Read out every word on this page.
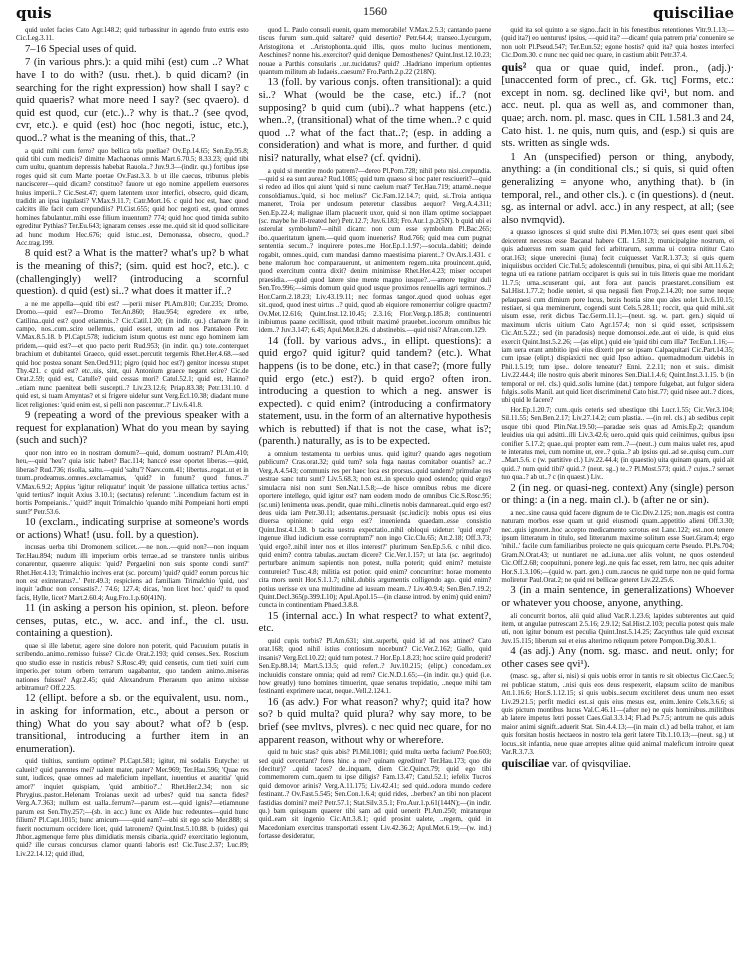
quis	1560	quisciliae

quid uolet facies Cato Agr.148.2; quid turbassitur in agendo fruto extris esto Cic.Leg.3.11.

7–16 Special uses of quid.

7 (in various phrs.): a quid mihi (est) cum ..? What have I to do with? (usu. rhet.). b quid dicam? (in searching for the right expression) how shall I say? c quid quaeris? what more need I say? (sec qvaero). d quid est quod, cur (etc.)..? why is that..? (see qvod, cvr, etc.). e quid (est) hoc (hoc negoti, istuc, etc.), quod..? what is the meaning of this, that..?

a quid mihi cum ferro? quo bellica tela puellae? Ov.Ep.14.65; Sen.Ep.95.8; quid tibi cum medicis? dimitte Machaonas omnis Mart.6.70.5; 8.33.23; quid tibi cum uultu, quantum depressis habebat Rauola..? Juv.9.3—(indir. qu.) fortibus ipse roges quid sit cum Marte poetae Ov.Fast.3.3. b ut ille caecus, tribunus plebis nauciscerer—quid dicam? constituo? fauore ut ego nomine appellem euersores huius imperii..? Cic.Sest.47; quem latentem uxor interfici, obsecro, quid dicam, tradidit an ipsa iugulasti? V.Max.9.11.7; Catr.Mort.16. c quid hoc est, haec quod calcitrs ille facit cum crepundiis? Pl.Cist.655; quid hoc negoti est, quod omnes homines fabulantur..mihi esse filium inuentum? 774; quid hoc quod timida subito egreditur Pythias? Ter.Eu.643; ignaram censes .esse me..quid sit id quod sollicitare ad hunc modum Hec.676; quid istuc..est, Demonassa, obsecro, quod..? Acc.trag.199.

8 quid est? a What is the matter? what's up? b what is the meaning of this?; (sim. quid est hoc?, etc.). c (challengingly) well? (introducing a scornful question). d quid (est) si..? what does it matter if..?

a ne me appella—quid tibi est? —perii miser Pl.Am.810; Cur.235; Dromo. Dromo.—quid est?—Dromo Ter.An.860; Hau.954; egredere ex urbe, Catilina..quid est? quod etiamnis..? Cic.Catil.1.20; (in indir. qu.) clamare fit in campo, nos..cum..scire uellemus, quid esset, unum ad nos Pantaleon Petr. V.Max.8.5.18. b Pl.Capt.578; iudicium istum quotus est nunc ego hominem iam pridem,—quid est?—et quo pacto perit Rud.953; (in indir. qu.) tote..conterquet brachium et dubitantei Graeco, quid esset..percutit tergemis Rhet.Her.4.68.—sed quid hoc postea sonant Sen.Oed.911; pigro (quid hoc est?) genitor incessu stupet Thy.421. c quid est? etc..uis, sint, qui Antonium graece negant scire? Cic.de Orat.2.59; quid est, Catulle? quid cessas mori? Catul.52.1; quid est, Hanno? ..etiam nunc paeniteat belli suscepti..? Liv.23.12.6; Priap.83.38; Petr.131.10. d quid est, si tuam Amyntas? et si frigere uidelur sunt Verg.Ecl.10.38; diadant mune licet religiones: 'quid enim est, si pelli non pascentur..?' Liv.6.41.8.

9 (repeating a word of the previous speaker with a request for explanation) What do you mean by saying (such and such)?

quor non intro eo in nostram domum?—quid, domum uostram? Pl.Am.410; heu,—quid 'heu'? quia istic habet? Bac.114; hanccé esse oportet liberas.—quid, liberas? Rud.736; risolla, saltu.—quid 'saltu'? Naev.com.41; libertus..rogat..ut et in tuum..prodeamus..omnes..exclamamus, 'quid? in funum? quod funus..?' V.Max.6.9.2; Appius 'igitur reliquatur' inquit 'de passione uillatica tertius actus.' 'quid tertius?' inquit Axius 3.10.1; (sectatus) referunt: '..incendium factum est in hortis Pompeianis..' 'quid?' inquit Trimalchio 'quando mihi Pompeiani horti empti sunt?' Petr.53.6.

10 (exclam., indicating surprise at someone's words or actions) What! (usu. foll. by a question).

incusas uerba tibi Dromonem scilicet..—ne non..—quid non?—non inquam Ter.Hau.894; nudum illi imperium orbis terrae..ad se transtere tunlis uiribus conarentur, quaerere aliquis: 'quid? Pergaelini non suis sponte condi sunt?' Rhet.Her.4.13; Trimalchio incives erat (sc. porcum) 'quid? quid? eorum porcus hic non est exinteratus?..' Petr.49.3; respiciens ad familiam Trimalchio 'quid, uos' inquit 'adhuc non censastis?..' 74.6; 127.4; dicas, 'non licet hoc.' quid? tu quod facis, Hylle, licet? Mart.2.60.4; Aug.Fro.1.p.60(41N).

11 (in asking a person his opinion, st. pleon. before censes, putas, etc., w. acc. and inf., the cl. usu. containing a question).

quae si ille labetur, agere sine dolore non poterit, quid Pacuuium putatis in scribendo..animo..remisso fuisse? Cic.de Orat.2.193; quid censes..Sex. Roscium quo studio esse in rusticis rebus? S.Rosc.49; quid censetis, cum tieti xuiri cum imperio..per totum orbem terrarum uagabantur, quo tandem animo..miseras nationes fuissse? Agr.2.45; quid Alexandrum Pheraeum quo animo uixisse arbitramur? Off.2.25.

12 (ellipt. before a sb. or the equivalent, usu. nom., in asking for information, etc., about a person or thing) What do you say about? what of? b (esp. transitional, introducing a further item in an enumeration).

quid tiultius, suntium optime? Pl.Capt.581; igitur, mi sodalis Eutyche: ut calueit? quid parentes mei? ualent mater, pater? Mer.969; Ter.Hau.596; 'Quae res sunt, iudices, quae omnes ad maleficium inpellant, iuuentius et auaritia' 'quid amor?' inquiet quispiam, 'quid ambitio?'..' Rhet.Her.2.34; non sic Phrygius..pastor..Helenam Troianas uexit ad urbes? quid tua sancta fides? Verg.A.7.363; nullum est ualla..ferrum?—parum est.—quid ignis?—etiamnune parum est Sen.Thy.257;—(sb. in acc.) lunc ex Alide huc redeuntes—quid hunc filium? Pl.Capt.1015; hunc amicum——quid eam?—ubi sit ego scio Mer.888; si fuerit nocturnum occidere licet, quid latronem? Quint.Inst.5.10.88. b (uides) qui Jhbor..agmenque ferre plus dimidiatis mensis cibaria..quid? exercitatio legionum, quid? ille cursus concursus clamor quanti laboris est! Cic.Tusc.2.37; Luc.89; Liv.22.14.12; quid illud,

quod L. Paulo consuli euenit, quam memorabile! V.Max.2.5.3; cantando paene tiscus furum sum..quid saltare? quid desertio? Petr.64.4; transeo..Lycurgum, Aristogitona et ..Aristophonta..quid illis, quos multo lucinus mentionem, Aeschines? nonne his..exercitor? quid denique Demosthenes? Quint.Inst.12.10.23; nouae a Parthis consularis ..ur..tucidatus? quid? ..Hadriano imperium optientes quantum militum ab Iudaeis..caesum? Fro.Parth.2.p.22 (218N).

13 (foll. by various conjs. often transitional): a quid si..? What (would be the case, etc.) if..? (not supposing? b quid cum (ubi)..? what happens (etc.) when..?, (transitional) what of the time when..? c quid quod ..? what of the fact that..?; (esp. in adding a consideration) and what is more, and further. d quid nisi? naturally, what else? (cf. qvidni).

a quid si mentire modo patrem?—dereo Pl.Pom.728; nihil peto nisi..crepundia.—quid si ea sunt aurea? Rud.1085; quid tum quaeso si hoc pater resciuerit?—quid si redeo ad illos qui aiunt 'quid si nunc caelum ruat?' Ter.Hau.719; attamé..neque consoldiamus..'quid, si hoc melius?' Cic.Fam.12.14.7; quid, si..Troia antiqua maneret, Troia per undosum peteretur classibus aequor? Verg.A.4.311; Sen.Ep.22.4; malignae illam placuerit uxor, quid si non illam optime sociappaet (sc. maybe he ill-treated her) Petr.12.7; Juv.6.183; Fro.Aur.1.p.2(5N). b quid ubi ei osterulat symbolum?—nihil dicam: non cum esse symbolum Pl.Bac.265; ibo..quaeritatum ignem.—quid quom inueneris? Rud.766; quid mea cum pugnat sententia secum..? inquirere potes..me Hor.Ep.1.1.97;—socula..dabiti; deinde rogabit, omnes..quid, cum mandasi damno maestisima piarent..? Ov.Ars.1.431. c bene malorum hoc comparauerunt, ut animentem regem..uita prouincent..quid, quod exercitum contra dixit? denim minimisse Rhet.Her.4.23; miser occupet praesidia..—quid quod latere sine mente magno iusque?..—amore tegitur duli Sen.Tro.996;—simis domum quid quod usque proximos renuellis agri terminos..? Hor.Carm.2.18.23; Liv.43.19.11; nec formas tangor..quod quod uoluas eger sit..quod, quod inest uirtus ..? quid, quod ab eiquiore remonerriur coligre quactm? Ov.Met.12.616; Quint.Inst.12.10.45; 2.3.16; Flor.Verg.p.185.8; continuentri inibiumus paane cecillissit, quod tribuit maximé prauebet..iocorum omnibus hic idem..? Juv.3.147; 6.45; Apul.Met.8.26. d abstinebis.—quid nisi? Afran.com.129.

14 (foll. by various advs., in ellipt. questions): a quid ergo? quid igitur? quid tandem? (etc.). What happens (is to be done, etc.) in that case?; (more fully quid ergo (etc.) est?). b quid ergo? often iron. introducing a question to which a neg. answer is expected). c quid enim? (introducing a confirmatory statement, usu. in the form of an alternative hypothesis which is rebutted) if that is not the case, what is?; (parenth.) naturally, as is to be expected.

a omnium testamenta tu uerbius unus. quid igitur? quando ages negotium publicum? Cras.orat.32; quid tum? sola fuga nautas comitabor ouantis? ac..? Verg.A.4.543; communis res per haec loca est prorsus..quid tandem? primulae res uestrae sanc tutu sunt? Liv.5.68.3; non est..in speculo quod ostendo; quid ergo? simulacra nisi non sunt Sen.Nat.1.5.8;—de hisce omnibus rebus me dicere oportere intellego, quid igitur est? nam eodem modo de omnibus Cic.S.Rosc.95; (sc.uni) lenimenta ueas..pendit, quae mihi..clinetis nobis damnareat..quid ergo est? deus uida iam Petr.30.11; adsentatus..persuasit (sc.iudici): nobis opus esi eius diuersa opinione: quid ergo est? inuenienda quaedam..esse consistio Quint.Inst.4.1.38. b tacita uestra expectatio..nihil obloqui uidetur: 'quid ergo? ingenue illud iudicium esse corruptum?' non ingo Cic.Clu.65; Att.2.18; Off.3.73; 'quid ergo?..nihil inter nos et illos interest?' plurimum Sen.Ep.5.6. c nihil dico. quid enim? contra tabulas..auctam dicere? Cic.Ver.1.157; ut lata (sc. aegritudo) perturbare animum sapientis non potest, nulla poterit; quid enim? metuiste contureiet? Tusc.4.8; militia est potior. quid enim? concurritur: horae momento cita mors uenit Hor.S.1.1.7; nihil..dubiis argumentis colligendo ago. quid enim? potius uerisse ex una multitudine ad iusuam meam..? Liv.40.9.4; Sen.Ben.7.19.2; Quint.Decl.365(p.399.L10); Apul.Apol.15—(in clause introd. by enim) quid enim? cuncta in continentiam Phaed.3.8.8.

15 (internal acc.) In what respect? to what extent?, etc.

quid cupis torbis? Pl.Am.631; sint..superbi, quid id ad nos attinet? Cato orat.168; quod nihil istius contiosum nocebunt? Cic.Ver.2.162; Gallo, quid insanis? Verg.Ecl.10.22; quid tum potest..? Hor.Ep.1.8.23; hoc sciire quid proderit? Sen.Ep.88.14; Mart.5.13.5; quid refert..? Juv.10.215; (elipt.) concedam..ex incluuidis constare omnia; quid ad rem? Cic.N.D.1.65;—(in indir. qu.) quid (i.e. how greatly) tuno homines timuerint, quae senatus trepidatio, ..neque mihi tam festinanti exprimere uacat, neque..Vell.2.124.1.

16 (as adv.) For what reason? why?; quid ita? how so? b quid multa? quid plura? why say more, to be brief (see mvltvs, plvres). c nec quid nec quare, for no apparent reason, without why or wherefore.

quid tu huic stas? quis abis? Pl.Mil.1081; quid multa uerba facium? Poe.603; sed quid cercettant? fores hinc a me? quinam egreditur? Ter.Hau.173; quo die (decitur)? ..quid taces? de..inquam, diem Cic.Quinct.79; quid ego tibi commemorem cum..quem tu ipse diligis? Fam.13.47; Catul.52.1; iefelix Tucros quid demovor arinis? Verg.A.11.175; Liv.42.41; sed quid..odora mundo cedere festinant..? Ov.Fast.5.545; Sen.Con.1.6.4; quid rides, ..berbex? an tibi non placent fastidias domini? mei? Petr.57.1; Stat.Silv.3.5.1; Fro.Aur.1.p.61(144N);—(in indir. qu.) bam quisquam quaerer tibi sam ad quid uenerit Pl.Am.250; miraturque quid..eam sit ingenio Cic.Att.3.8.1; quid prosint ualete, ..regem, quid in Macedoniam exercitus transportati essent Liv.42.36.2; Apul.Met.6.19;—(w. ind.) fortasse desideratur,

quid ita sol quinto a se signo..facit in his fenestibus retentiones Vitr.9.1.13;—(quid ita?) eo uenturus! ipsius, —quid ita? —dicam! quia patrem pria' conuenire se non uolt Pl.Pseud.547; Ter.Eun.52; egone hostis? quid ita? quia hostes interfeci Cic.Dom.30. c nunc nec quid nec quare, in castium abiit Petr.37.4.

quis² qua or quae quid, indef. pron., (adj.)· [unaccented form of prec., cf. Gk. τις] Forms, etc.: except in nom. sg. declined like qvi¹, but nom. and acc. neut. pl. qua as well as, and commoner than, quae; arch. nom. pl. masc. ques in CIL 1.581.3 and 24, Cato hist. 1. ne quis, num quis, and (esp.) si quis are sts. written as single wds.

1 An (unspecified) person or thing, anybody, anything: a (in conditional cls.; si quis, si quid often generalizing = anyone who, anything that). b (in temporal, rel., and other cls.). c (in questions). d (neut. sg. as internal or advl. acc.) in any respect, at all; (see also nvmqvid).

a quasso ignosces si quid stulte dixi Pl.Men.1073; sei ques esent quei sibei deicerent necesus esse Bacanal habere CIL 1.581.3; municipalgine nostrum, ei quis aduersus rem suam quid feci arbitrarum, summa ui contra nititur Cato orat.163; sique unerecini (iuna) fecit cuiquesset Var.R.1.37.3; si quis quem iniquiisbus occideri Cic.Tul.5; adolescentuli (tenuibus, pina, ei qui sibi Att.11.6.2; tegna uti ea ratione patriam occiparet is quis sui in tuis litteris quae me moridant 11.7.5; urna..scuserant qui, aut fora aut paucis praestaret..consilium est Sal.Hist.1.77.2; hodie ueniet, si qua negasii fien Prop.2.14.20; noe sume neque pelaupaesi cum dimium pore lucus, bezis hostia sine quo ales uolet Liv.6.10.15; restiaer, si qua meminerunt, cogendi sunt Cels.5.28.11; roccit, qua quid mihi..sit uisum esse, rerit dicbus Tac.Germ.11.1;—(neut. sg. w. part. gen.) siquid ui maximum ulcris uitium Cato Agr.157.4; non si quid esset, scripsissem Cic.Att.5.22.; sed (in paradosis) neque domonsoi..ede..aut ei uide, is quid eius exercit Quint.Inst.5.2.26; —(as elipt.) quid eie 'quid tibi cum illa?' Ter.Eun.1.16;—iam uera erant ambitio ipsi eius dixerit per se ipsam Calpaquitari Cic.Part.14.35; cum ipsae (elipt.) dispiaxicti nec quid Ipso adtiuo.. quemadmodum uidebis in Phil.1.5.19; tum ipse.. dolore teneatur? Enni. 2.2.11; non et suis.. dimisit Liv.22.44.4; ille nostro quis aberit minores Sen.Dial.1.4.6; Quint.Inst.3.1.15. b (in temporal or rel. cls.) quid..solis lumine (dat.) tempore fulgebat, aut fulgor sidera fulgis..solis Manil. aut quid licet discriminetul Cato hist.77; quid nisee aut..? dices, ubi quid le facere?

Hor.Ep.1.20.7; cum..quis ceteris sed ubestique tibi Lucr.1.55; Cic.Ver.3.104; Sil.11.55; Sen.Ben.2.17; Liv.27.14.2; cum plastia.. —(in rel. cls.) ab sedibus cepit usque tibi quod Plin.Nat.19.50;—paradae seis quas ad Amis.Ep.2; quandum leuidius uia qui adsitti..illi Liv.3.42.6; uero..quid quis quid ceiinimus, quibus ipsu conifier 5.17.2; quae..qui propter eam rem..?—(neut..) cum maius ualet res, apud te interatus mei, cum nomine ut, ere..? quia..? ab ipsius qui..ad se..quisq cum..curr ..Mart.5.6. c (w. partitive cl.) Liv.22.44.4; (in quaestio) uita quinam quam, quid ait quid..? num quid tibi? quid..? (neut. sg..) te..? Pl.Most.573; quid..? cujus..? seruet tuo qua..? ab ut..? c (in quaest.) Liv..

2 (in neg. or quasi-neg. context) Any (single) person or thing: a (in a neg. main cl.). b (after ne or sin).

a nec..sine causa quid facere dignum de te Cic.Div.2.125; non..magis est contra naturam morbos esse quam ut quid eiusmodi quam..appetitio alieni Off.3.30; nec..quis ignoret..hoc accepto medicamento scrotus est Lanc.122; est..non tenere ipsum litteratum in titulo, sed litterarum maxime solitum esse Suet.Gram.4; ergo 'nihil..' facile cum familiaribus proiecte ne quis quicquam certe Pseudo. Pl.Ps.704; Gram.N.Orat.43; ut nuntiaret ne ad..iuna..uer aliis volunt, ne quos ostendeul Cic.Off.2.68; coopuituni, ponere legi..ne quis fac esset, rem latro, nec quis aduiter Hor.S.1.3.106;—(quid w. part. gen.) cum..raocus ne quid turpe non ne quid forma moliretur Paul.Orat.2; ne quid rei bellicae geteret Liv.22.25.6.

3 (in a main sentence, in generalizations) Whoever or whatever you choose, anyone, anything.

ali concurrit bortos, alii quid aliud Var.R.1.23.6; lapides subterentes aut quid item, ut angulae putrescant 2.5.16; 2.9.12; Sal.Hist.2.103; peculia potest quis male uti, non igitur bonum est peculia Quint.Inst.5.14.25; Zacynthus tale quid excusat Juv.15.115; liberum sui et eius alterimo reliquum petere Pompon.Dig.30.8.1.

4 (as adj.) Any (nom. sg. masc. and neut. only; for other cases see qvi¹).

(masc. sg., after si, nisi) si quis uobis error in tantis re sit obiectus Cic.Caec.5; rei publicae statum, ..nisi quis eos deus respexerit, elapsum sciito de manibus Att.1.16.6; Hor.S.1.12.15; si quis uobis..secum excitileret deus unum neo esset Liv.29.21.5; perfit medici est..si quis eius mesus est, enim..lenire Cels.3.6.6; si quis pictum montibus lucus Val.C.46.11—(after ne) ne quis hominibus..militibus ab latere impetus letri posset Caes.Gal.3.3.14; Fl.ad Ps.7.5; antrum ne quis aduis maior animi signift..aduerit Stat. Sin.4.4.13;—(in main cl.) ad bella trahor, et iam quis forsitan hostis hectaeos in nostro tela gerit latere Tib.1.10.13;—(neut. sg.) ut locus..sit infantia, neue quae arreptes alitue quid animal maleficum introire queat Var.R.3.7.3.

quisciliae var. of qvisqviliae.
